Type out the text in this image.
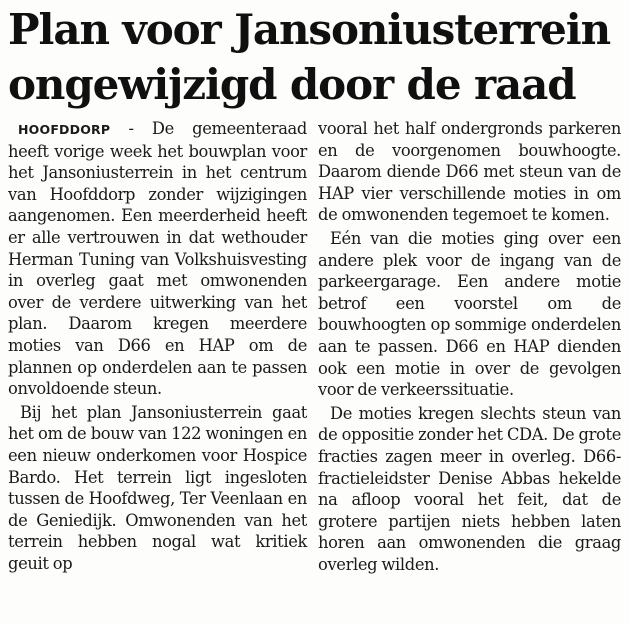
Plan voor Jansoniusterrein
ongewijzigd door de raad

HOOFDDORP - De gemeenteraad heeft vorige week het bouwplan voor het Jansoniusterrein in het centrum van Hoofddorp zonder wijzigingen aangenomen. Een meerderheid heeft er alle vertrouwen in dat wethouder Herman Tuning van Volkshuisvesting in overleg gaat met omwonenden over de verdere uitwerking van het plan. Daarom kregen meerdere moties van D66 en HAP om de plannen op onderdelen aan te passen onvoldoende steun.

Bij het plan Jansoniusterrein gaat het om de bouw van 122 woningen en een nieuw onderkomen voor Hospice Bardo. Het terrein ligt ingesloten tussen de Hoofdweg, Ter Veenlaan en de Geniedijk. Omwonenden van het terrein hebben nogal wat kritiek geuit op

vooral het half ondergronds parkeren en de voorgenomen bouwhoogte. Daarom diende D66 met steun van de HAP vier verschillende moties in om de omwonenden tegemoet te komen.

Eén van die moties ging over een andere plek voor de ingang van de parkeergarage. Een andere motie betrof een voorstel om de bouwhoogten op sommige onderdelen aan te passen. D66 en HAP dienden ook een motie in over de gevolgen voor de verkeerssituatie.

De moties kregen slechts steun van de oppositie zonder het CDA. De grote fracties zagen meer in overleg. D66-fractieleidster Denise Abbas hekelde na afloop vooral het feit, dat de grotere partijen niets hebben laten horen aan omwonenden die graag overleg wilden.
